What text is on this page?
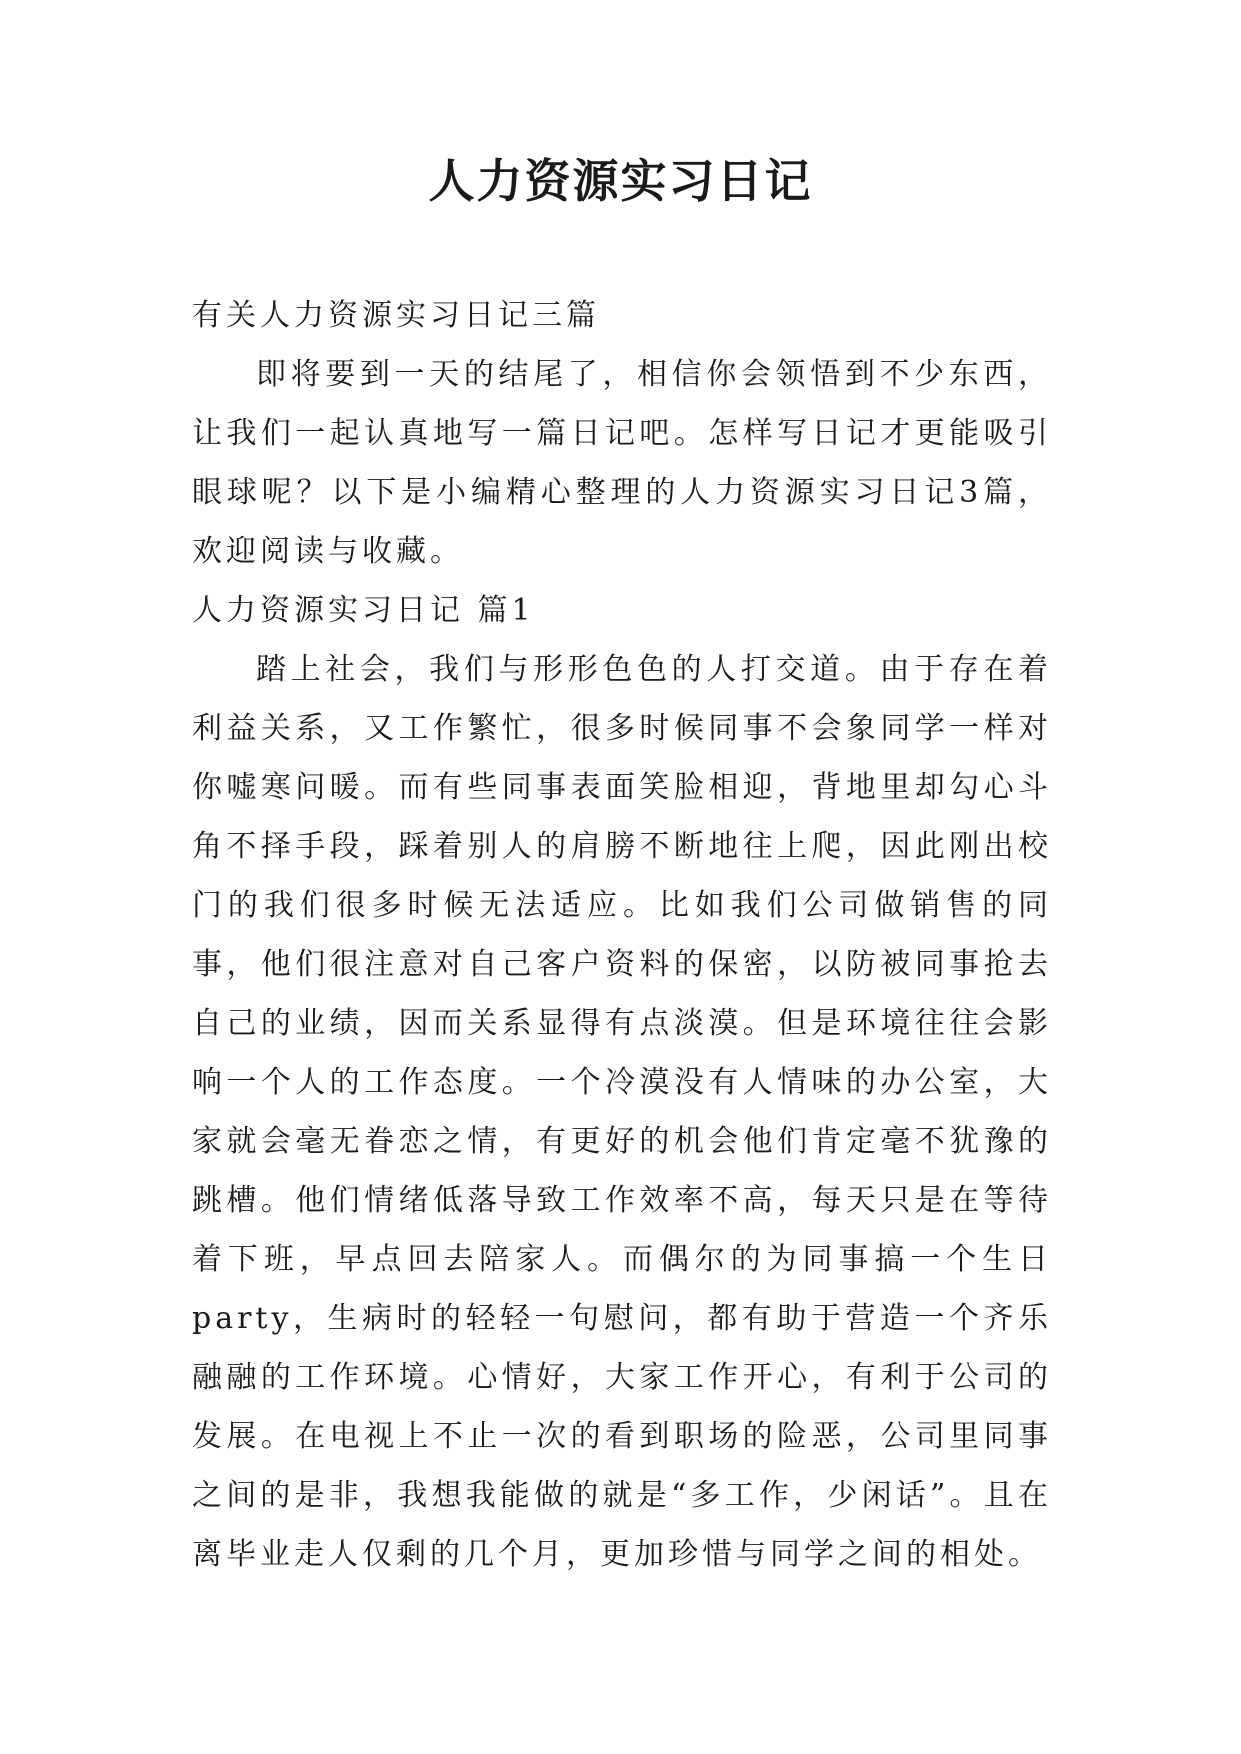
人力资源实习日记

有关人力资源实习日记三篇

即将要到一天的结尾了，相信你会领悟到不少东西，让我们一起认真地写一篇日记吧。怎样写日记才更能吸引眼球呢？以下是小编精心整理的人力资源实习日记3篇，欢迎阅读与收藏。

人力资源实习日记 篇1

踏上社会，我们与形形色色的人打交道。由于存在着利益关系，又工作繁忙，很多时候同事不会象同学一样对你嘘寒问暖。而有些同事表面笑脸相迎，背地里却勾心斗角不择手段，踩着别人的肩膀不断地往上爬，因此刚出校门的我们很多时候无法适应。比如我们公司做销售的同事，他们很注意对自己客户资料的保密，以防被同事抢去自己的业绩，因而关系显得有点淡漠。但是环境往往会影响一个人的工作态度。一个冷漠没有人情味的办公室，大家就会毫无眷恋之情，有更好的机会他们肯定毫不犹豫的跳槽。他们情绪低落导致工作效率不高，每天只是在等待着下班，早点回去陪家人。而偶尔的为同事搞一个生日party，生病时的轻轻一句慰问，都有助于营造一个齐乐融融的工作环境。心情好，大家工作开心，有利于公司的发展。在电视上不止一次的看到职场的险恶，公司里同事之间的是非，我想我能做的就是“多工作，少闲话”。且在离毕业走人仅剩的几个月，更加珍惜与同学之间的相处。
